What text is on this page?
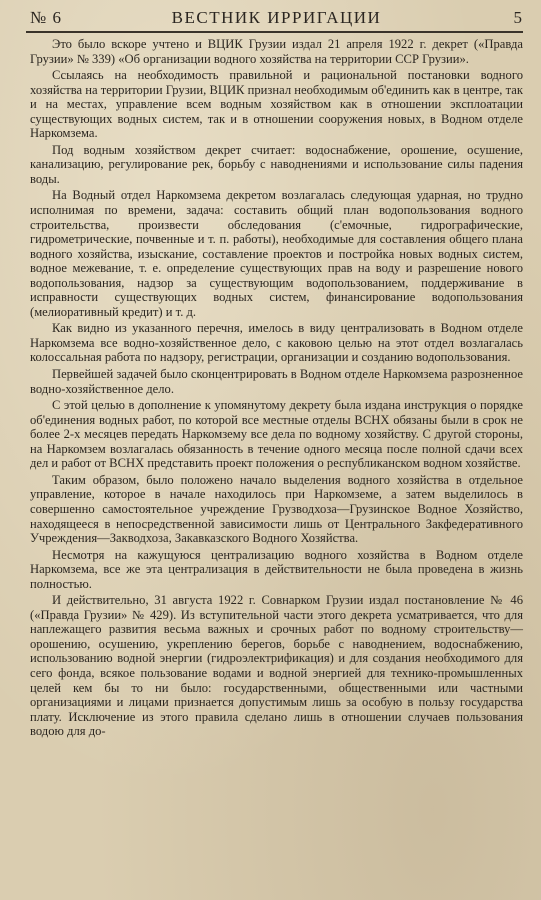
№ 6	ВЕСТНИК ИРРИГАЦИИ	5

Это было вскоре учтено и ВЦИК Грузии издал 21 апреля 1922 г. декрет («Правда Грузии» № 339) «Об организации водного хозяйства на территории ССР Грузии».

Ссылаясь на необходимость правильной и рациональной постановки водного хозяйства на территории Грузии, ВЦИК признал необходимым об'единить как в центре, так и на местах, управление всем водным хозяйством как в отношении эксплоатации существующих водных систем, так и в отношении сооружения новых, в Водном отделе Наркомзема.

Под водным хозяйством декрет считает: водоснабжение, орошение, осушение, канализацию, регулирование рек, борьбу с наводнениями и использование силы падения воды.

На Водный отдел Наркомзема декретом возлагалась следующая ударная, но трудно исполнимая по времени, задача: составить общий план водопользования водного строительства, произвести обследования (с'емочные, гидрографические, гидрометрические, почвенные и т. п. работы), необходимые для составления общего плана водного хозяйства, изыскание, составление проектов и постройка новых водных систем, водное межевание, т. е. определение существующих прав на воду и разрешение нового водопользования, надзор за существующим водопользованием, поддерживание в исправности существующих водных систем, финансирование водопользования (мелиоративный кредит) и т. д.

Как видно из указанного перечня, имелось в виду централизовать в Водном отделе Наркомзема все водно-хозяйственное дело, с каковою целью на этот отдел возлагалась колоссальная работа по надзору, регистрации, организации и созданию водопользования.

Первейшей задачей было сконцентрировать в Водном отделе Наркомзема разрозненное водно-хозяйственное дело.

С этой целью в дополнение к упомянутому декрету была издана инструкция о порядке об'единения водных работ, по которой все местные отделы ВСНХ обязаны были в срок не более 2-х месяцев передать Наркомзему все дела по водному хозяйству. С другой стороны, на Наркомзем возлагалась обязанность в течение одного месяца после полной сдачи всех дел и работ от ВСНХ представить проект положения о республиканском водном хозяйстве.

Таким образом, было положено начало выделения водного хозяйства в отдельное управление, которое в начале находилось при Наркомземе, а затем выделилось в совершенно самостоятельное учреждение Грузводхоза—Грузинское Водное Хозяйство, находящееся в непосредственной зависимости лишь от Центрального Закфедеративного Учреждения—Закводхоза, Закавказского Водного Хозяйства.

Несмотря на кажущуюся централизацию водного хозяйства в Водном отделе Наркомзема, все же эта централизация в действительности не была проведена в жизнь полностью.

И действительно, 31 августа 1922 г. Совнарком Грузии издал постановление № 46 («Правда Грузии» № 429). Из вступительной части этого декрета усматривается, что для наплежащего развития весьма важных и срочных работ по водному строительству—орошению, осушению, укреплению берегов, борьбе с наводнением, водоснабжению, использованию водной энергии (гидроэлектрификация) и для создания необходимого для сего фонда, всякое пользование водами и водной энергией для технико-промышленных целей кем бы то ни было: государственными, общественными или частными организациями и лицами признается допустимым лишь за особую в пользу государства плату. Исключение из этого правила сделано лишь в отношении случаев пользования водою для до-
